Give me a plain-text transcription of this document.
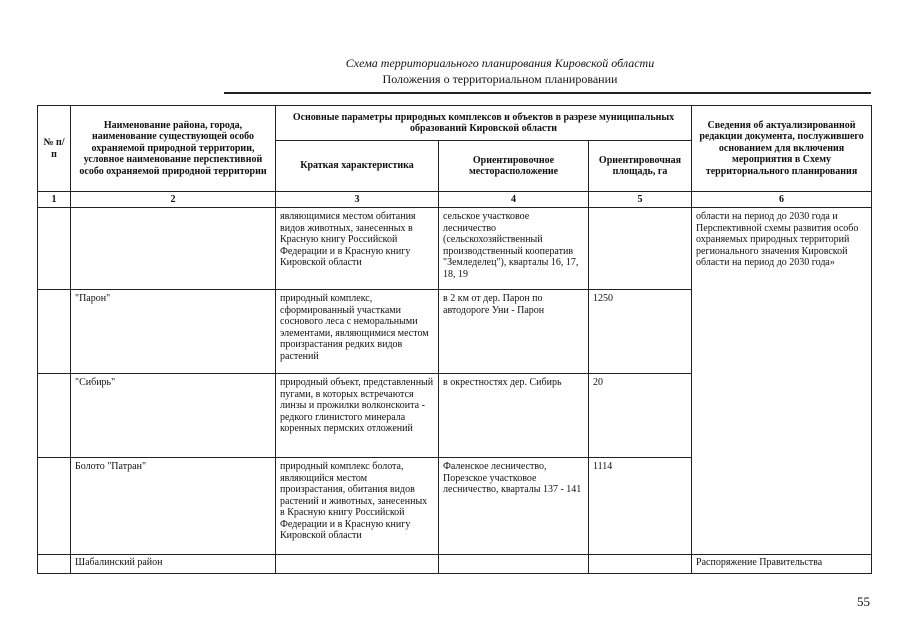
Схема территориального планирования Кировской области
Положения о территориальном планировании
№ п/п	Наименование района, города, наименование существующей особо охраняемой природной территории, условное наименование перспективной особо охраняемой природной территории	Основные параметры природных комплексов и объектов в разрезе муниципальных образований Кировской области			Сведения об актуализированной редакции документа, послужившего основанием для включения мероприятия в Схему территориального планирования
		Краткая характеристика	Ориентировочное месторасположение	Ориентировочная площадь, га	
1	2	3	4	5	6
		являющимися местом обитания видов животных, занесенных в Красную книгу Российской Федерации и в Красную книгу Кировской области	сельское участковое лесничество (сельскохозяйственный производственный кооператив "Земледелец"), кварталы 16, 17, 18, 19		области на период до 2030 года и Перспективной схемы развития особо охраняемых природных территорий регионального значения Кировской области на период до 2030 года»
	"Парон"	природный комплекс, сформированный участками соснового леса с неморальными элементами, являющимися местом произрастания редких видов растений	в 2 км от дер. Парон по автодороге Уни - Парон	1250	
	"Сибирь"	природный объект, представленный пугами, в которых встречаются линзы и прожилки волконскоита - редкого глинистого минерала коренных пермских отложений	в окрестностях дер. Сибирь	20	
	Болото "Патран"	природный комплекс болота, являющийся местом произрастания, обитания видов растений и животных, занесенных в Красную книгу Российской Федерации и в Красную книгу Кировской области	Фаленское лесничество, Порезское участковое лесничество, кварталы 137 - 141	1114	
	Шабалинский район				Распоряжение Правительства
55
